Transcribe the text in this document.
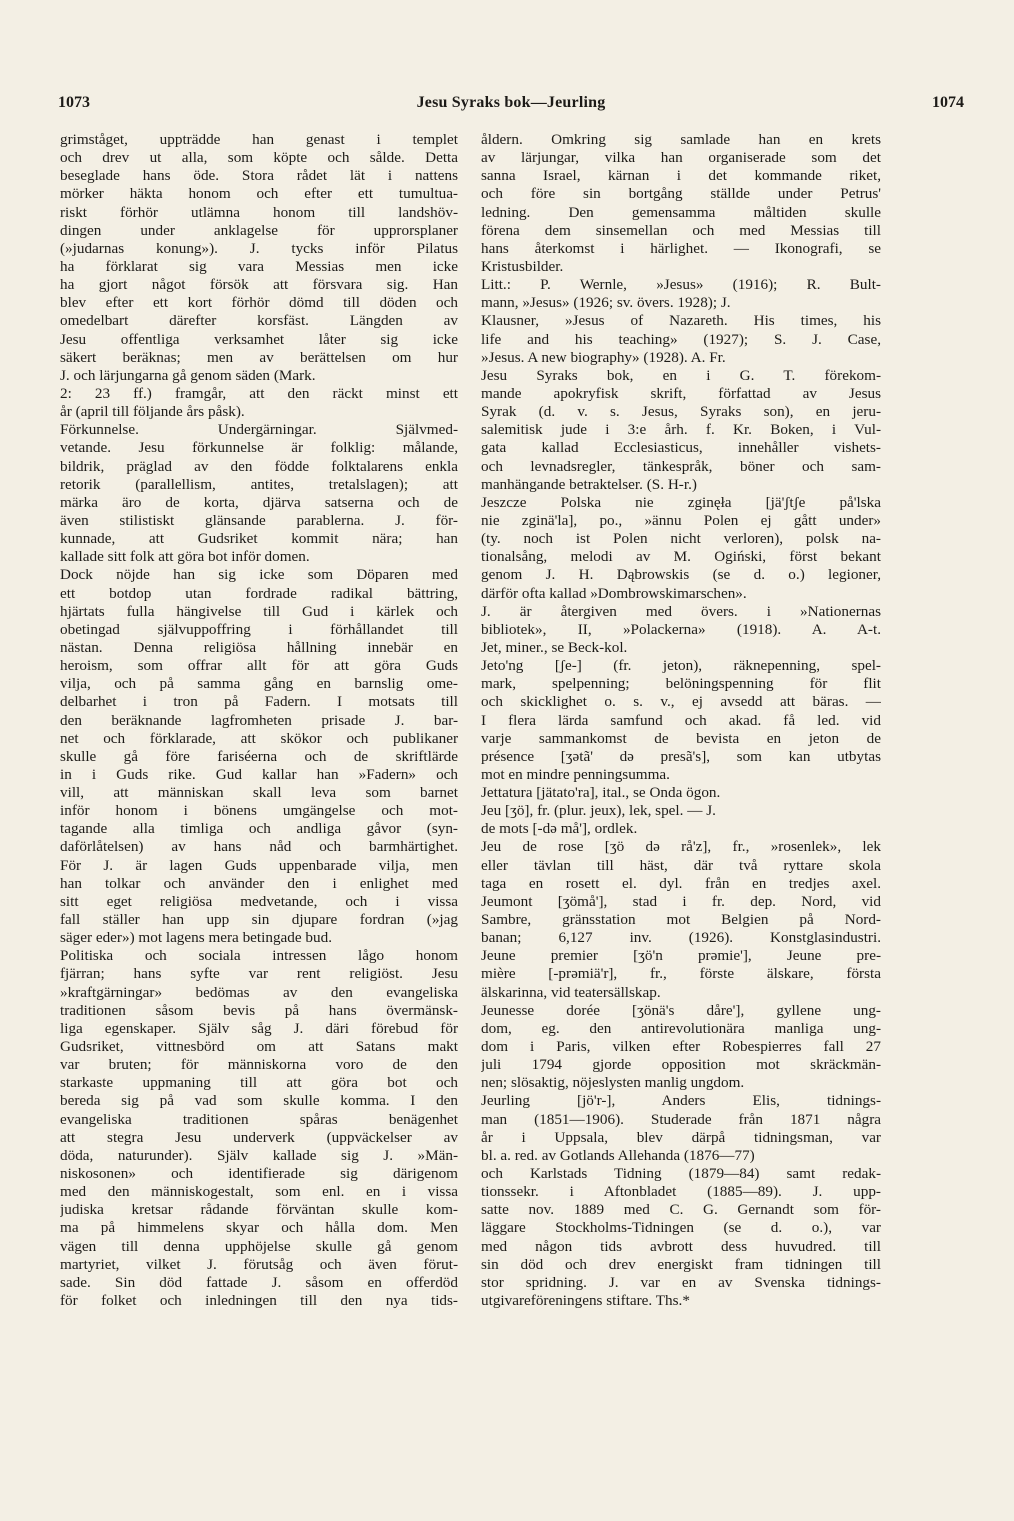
1073	Jesu Syraks bok—Jeurling	1074
grimståget, uppträdde han genast i templet
och drev ut alla, som köpte och sålde. Detta
beseglade hans öde. Stora rådet lät i nattens
mörker häkta honom och efter ett tumultua-
riskt förhör utlämna honom till landshöv-
dingen under anklagelse för upprorsplaner
(»judarnas konung»). J. tycks inför Pilatus
ha förklarat sig vara Messias men icke
ha gjort något försök att försvara sig. Han
blev efter ett kort förhör dömd till döden och
omedelbart därefter korsfäst. Längden av
Jesu offentliga verksamhet låter sig icke
säkert beräknas; men av berättelsen om hur
J. och lärjungarna gå genom säden (Mark.
2: 23 ff.) framgår, att den räckt minst ett
år (april till följande års påsk).
Förkunnelse. Undergärningar. Självmed-
vetande. Jesu förkunnelse är folklig: målande,
bildrik, präglad av den födde folktalarens enkla
retorik (parallellism, antites, tretalslagen); att
märka äro de korta, djärva satserna och de
även stilistiskt glänsande parablerna. J. för-
kunnade, att Gudsriket kommit nära; han
kallade sitt folk att göra bot inför domen.
Dock nöjde han sig icke som Döparen med
ett botdop utan fordrade radikal bättring,
hjärtats fulla hängivelse till Gud i kärlek och
obetingad självuppoffring i förhållandet till
nästan. Denna religiösa hållning innebär en
heroism, som offrar allt för att göra Guds
vilja, och på samma gång en barnslig ome-
delbarhet i tron på Fadern. I motsats till
den beräknande lagfromheten prisade J. bar-
net och förklarade, att skökor och publikaner
skulle gå före fariséerna och de skriftlärde
in i Guds rike. Gud kallar han »Fadern» och
vill, att människan skall leva som barnet
inför honom i bönens umgängelse och mot-
tagande alla timliga och andliga gåvor (syn-
daförlåtelsen) av hans nåd och barmhärtighet.
För J. är lagen Guds uppenbarade vilja, men
han tolkar och använder den i enlighet med
sitt eget religiösa medvetande, och i vissa
fall ställer han upp sin djupare fordran (»jag
säger eder») mot lagens mera betingade bud.
Politiska och sociala intressen lågo honom
fjärran; hans syfte var rent religiöst. Jesu
»kraftgärningar» bedömas av den evangeliska
traditionen såsom bevis på hans övermänsk-
liga egenskaper. Själv såg J. däri förebud för
Gudsriket, vittnesbörd om att Satans makt
var bruten; för människorna voro de den
starkaste uppmaning till att göra bot och
bereda sig på vad som skulle komma. I den
evangeliska traditionen spåras benägenhet
att stegra Jesu underverk (uppväckelser av
döda, naturunder). Själv kallade sig J. »Män-
niskosonen» och identifierade sig därigenom
med den människogestalt, som enl. en i vissa
judiska kretsar rådande förväntan skulle kom-
ma på himmelens skyar och hålla dom. Men
vägen till denna upphöjelse skulle gå genom
martyriet, vilket J. förutsåg och även förut-
sade. Sin död fattade J. såsom en offerdöd
för folket och inledningen till den nya tids-
åldern. Omkring sig samlade han en krets
av lärjungar, vilka han organiserade som det
sanna Israel, kärnan i det kommande riket,
och före sin bortgång ställde under Petrus'
ledning. Den gemensamma måltiden skulle
förena dem sinsemellan och med Messias till
hans återkomst i härlighet. — Ikonografi, se
Kristusbilder.
Litt.: P. Wernle, »Jesus» (1916); R. Bult-
mann, »Jesus» (1926; sv. övers. 1928); J.
Klausner, »Jesus of Nazareth. His times, his
life and his teaching» (1927); S. J. Case,
»Jesus. A new biography» (1928). A. Fr.
Jesu Syraks bok, en i G. T. förekom-
mande apokryfisk skrift, författad av Jesus
Syrak (d. v. s. Jesus, Syraks son), en jeru-
salemitisk jude i 3:e årh. f. Kr. Boken, i Vul-
gata kallad Ecclesiasticus, innehåller vishets-
och levnadsregler, tänkespråk, böner och sam-
manhängande betraktelser. (S. H-r.)
Jeszcze Polska nie zginęła [jä'ʃtʃe på'lska
nie zginä'la], po., »ännu Polen ej gått under»
(ty. noch ist Polen nicht verloren), polsk na-
tionalsång, melodi av M. Ogiński, först bekant
genom J. H. Dąbrowskis (se d. o.) legioner,
därför ofta kallad »Dombrowskimarschen».
J. är återgiven med övers. i »Nationernas
bibliotek», II, »Polackerna» (1918). A. A-t.
Jet, miner., se Beck-kol.
Jeto'ng [ʃe-] (fr. jeton), räknepenning, spel-
mark, spelpenning; belöningspenning för flit
och skicklighet o. s. v., ej avsedd att bäras. —
I flera lärda samfund och akad. få led. vid
varje sammankomst de bevista en jeton de
présence [ʒətã' də presã's], som kan utbytas
mot en mindre penningsumma.
Jettatura [jätato'ra], ital., se Onda ögon.
Jeu [ʒö], fr. (plur. jeux), lek, spel. — J.
de mots [-də må'], ordlek.
Jeu de rose [ʒö də rå'z], fr., »rosenlek», lek
eller tävlan till häst, där två ryttare skola
taga en rosett el. dyl. från en tredjes axel.
Jeumont [ʒömå'], stad i fr. dep. Nord, vid
Sambre, gränsstation mot Belgien på Nord-
banan; 6,127 inv. (1926). Konstglasindustri.
Jeune premier [ʒö'n prəmie'], Jeune pre-
mière [-prəmiä'r], fr., förste älskare, första
älskarinna, vid teatersällskap.
Jeunesse dorée [ʒönä's dåre'], gyllene ung-
dom, eg. den antirevolutionära manliga ung-
dom i Paris, vilken efter Robespierres fall 27
juli 1794 gjorde opposition mot skräckmän-
nen; slösaktig, nöjeslysten manlig ungdom.
Jeurling [jö'r-], Anders Elis, tidnings-
man (1851—1906). Studerade från 1871 några
år i Uppsala, blev därpå tidningsman, var
bl. a. red. av Gotlands Allehanda (1876—77)
och Karlstads Tidning (1879—84) samt redak-
tionssekr. i Aftonbladet (1885—89). J. upp-
satte nov. 1889 med C. G. Gernandt som för-
läggare Stockholms-Tidningen (se d. o.), var
med någon tids avbrott dess huvudred. till
sin död och drev energiskt fram tidningen till
stor spridning. J. var en av Svenska tidnings-
utgivareföreningens stiftare. Ths.*
